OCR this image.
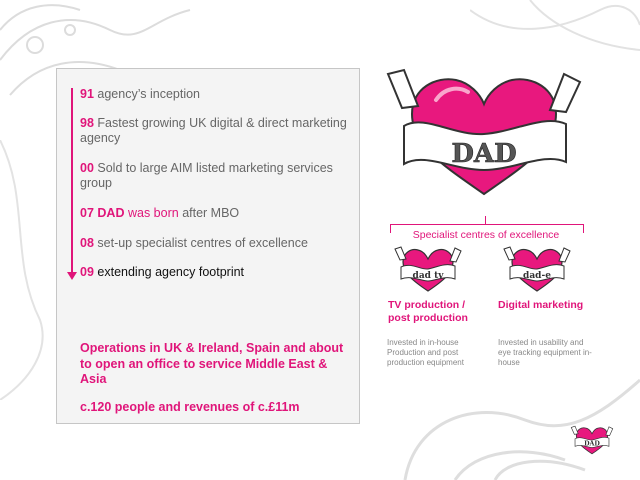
91 agency’s inception
98 Fastest growing UK digital & direct marketing agency
00 Sold to large AIM listed marketing services group
07 DAD was born after MBO
08 set-up specialist centres of excellence
09 extending agency footprint
Operations in UK & Ireland, Spain and about to open an office to service Middle East & Asia
c.120 people and revenues of c.£11m
DAD
Specialist centres of excellence
dad tv	dad-e
TV production / post production
Digital marketing
Invested in in-house Production and post production equipment
Invested in usability and eye tracking equipment in-house
DAD
